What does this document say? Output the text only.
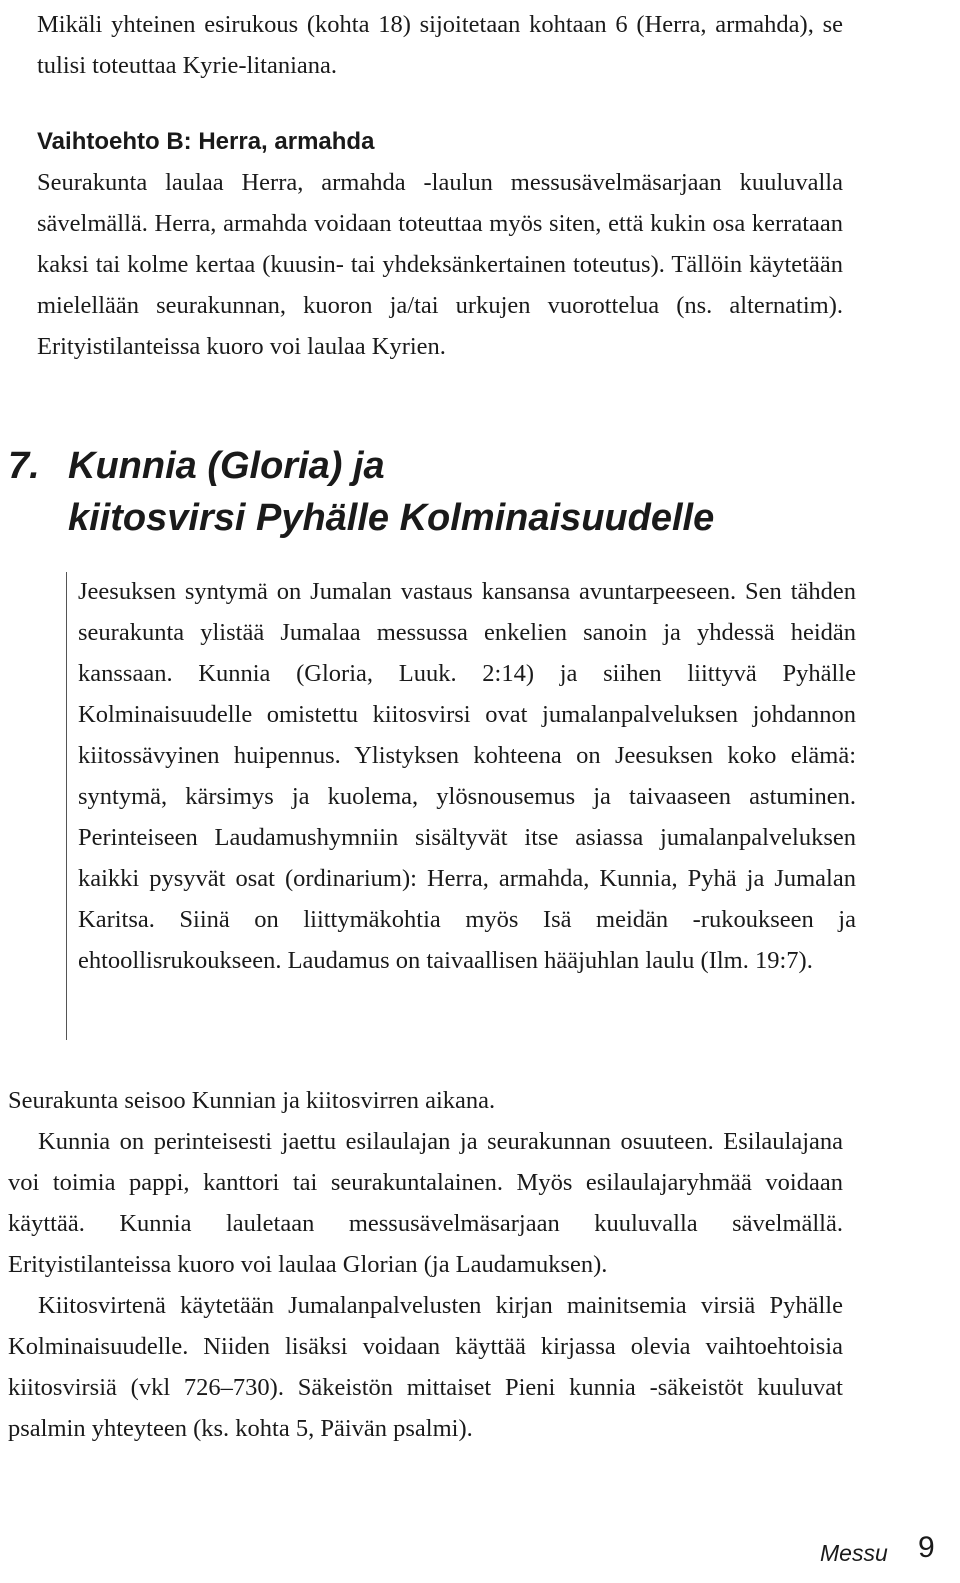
Mikäli yhteinen esirukous (kohta 18) sijoitetaan kohtaan 6 (Herra, armahda), se tulisi toteuttaa Kyrie-litaniana.

Vaihtoehto B: Herra, armahda

Seurakunta laulaa Herra, armahda -laulun messusävelmäsarjaan kuuluvalla sävelmällä. Herra, armahda voidaan toteuttaa myös siten, että kukin osa kerrataan kaksi tai kolme kertaa (kuusin- tai yhdeksänkertainen toteutus). Tällöin käytetään mielellään seurakunnan, kuoron ja/tai urkujen vuorottelua (ns. alternatim). Erityistilanteissa kuoro voi laulaa Kyrien.

7. Kunnia (Gloria) ja
kiitosvirsi Pyhälle Kolminaisuudelle

Jeesuksen syntymä on Jumalan vastaus kansansa avuntarpeeseen. Sen tähden seurakunta ylistää Jumalaa messussa enkelien sanoin ja yhdessä heidän kanssaan. Kunnia (Gloria, Luuk. 2:14) ja siihen liittyvä Pyhälle Kolminaisuudelle omistettu kiitosvirsi ovat jumalanpalveluksen johdannon kiitossävyinen huipennus. Ylistyksen kohteena on Jeesuksen koko elämä: syntymä, kärsimys ja kuolema, ylösnousemus ja taivaaseen astuminen. Perinteiseen Laudamushymniin sisältyvät itse asiassa jumalanpalveluksen kaikki pysyvät osat (ordinarium): Herra, armahda, Kunnia, Pyhä ja Jumalan Karitsa. Siinä on liittymäkohtia myös Isä meidän -rukoukseen ja ehtoollisrukoukseen. Laudamus on taivaallisen hääjuhlan laulu (Ilm. 19:7).

Seurakunta seisoo Kunnian ja kiitosvirren aikana.

Kunnia on perinteisesti jaettu esilaulajan ja seurakunnan osuuteen. Esilaulajana voi toimia pappi, kanttori tai seurakuntalainen. Myös esilaulajaryhmää voidaan käyttää. Kunnia lauletaan messusävelmäsarjaan kuuluvalla sävelmällä. Erityistilanteissa kuoro voi laulaa Glorian (ja Laudamuksen).

Kiitosvirtenä käytetään Jumalanpalvelusten kirjan mainitsemia virsiä Pyhälle Kolminaisuudelle. Niiden lisäksi voidaan käyttää kirjassa olevia vaihtoehtoisia kiitosvirsiä (vkl 726–730). Säkeistön mittaiset Pieni kunnia -säkeistöt kuuluvat psalmin yhteyteen (ks. kohta 5, Päivän psalmi).

Messu 9
